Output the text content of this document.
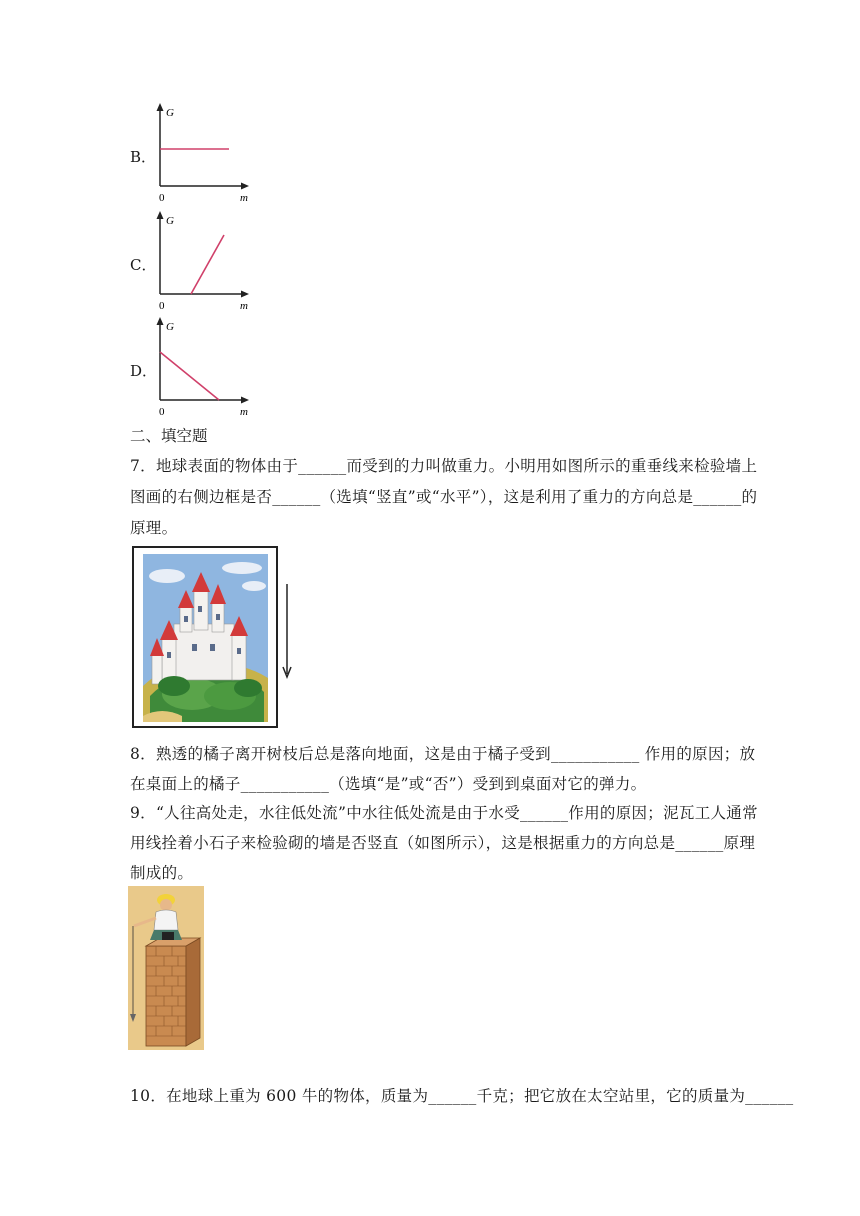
B．
G
m
0
C．
G
m
0
D．
G
m
0
二、填空题
7．地球表面的物体由于______而受到的力叫做重力。小明用如图所示的重垂线来检验墙上
图画的右侧边框是否______（选填“竖直”或“水平”），这是利用了重力的方向总是______的
原理。
8．熟透的橘子离开树枝后总是落向地面，这是由于橘子受到___________ 作用的原因；放
在桌面上的橘子___________（选填“是”或“否”）受到到桌面对它的弹力。
9．“人往高处走，水往低处流”中水往低处流是由于水受______作用的原因；泥瓦工人通常
用线拴着小石子来检验砌的墙是否竖直（如图所示），这是根据重力的方向总是______原理
制成的。
10．在地球上重为 600 牛的物体，质量为______千克；把它放在太空站里，它的质量为______
